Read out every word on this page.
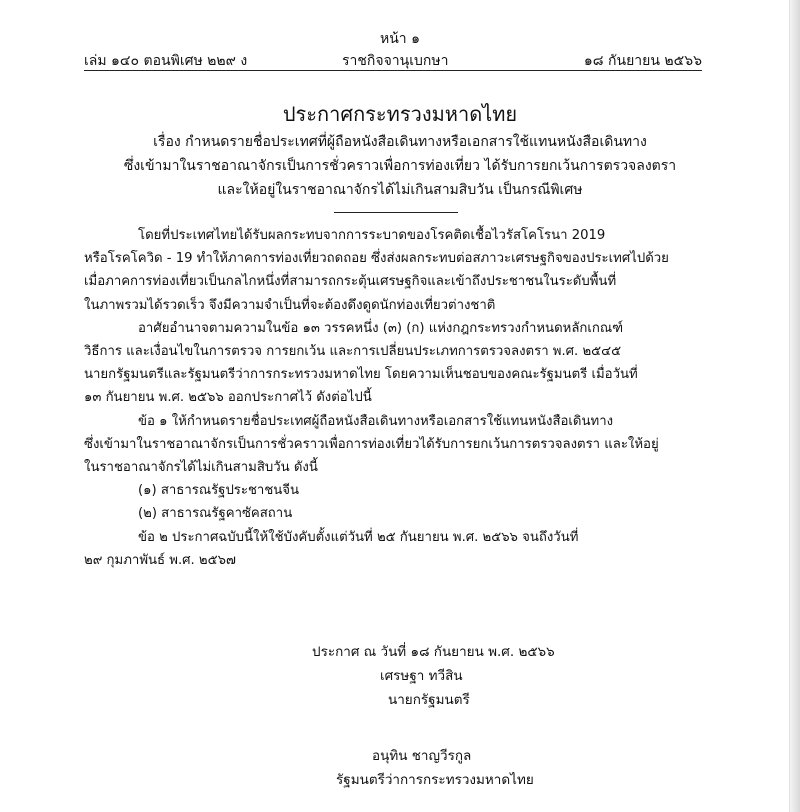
หน้า ๑
เล่ม ๑๔๐ ตอนพิเศษ ๒๒๙ ง	ราชกิจจานุเบกษา	๑๘ กันยายน ๒๕๖๖
ประกาศกระทรวงมหาดไทย
เรื่อง กำหนดรายชื่อประเทศที่ผู้ถือหนังสือเดินทางหรือเอกสารใช้แทนหนังสือเดินทาง
ซึ่งเข้ามาในราชอาณาจักรเป็นการชั่วคราวเพื่อการท่องเที่ยว ได้รับการยกเว้นการตรวจลงตรา
และให้อยู่ในราชอาณาจักรได้ไม่เกินสามสิบวัน เป็นกรณีพิเศษ
โดยที่ประเทศไทยได้รับผลกระทบจากการระบาดของโรคติดเชื้อไวรัสโคโรนา 2019
หรือโรคโควิด - 19 ทำให้ภาคการท่องเที่ยวถดถอย ซึ่งส่งผลกระทบต่อสภาวะเศรษฐกิจของประเทศไปด้วย
เมื่อภาคการท่องเที่ยวเป็นกลไกหนึ่งที่สามารถกระตุ้นเศรษฐกิจและเข้าถึงประชาชนในระดับพื้นที่
ในภาพรวมได้รวดเร็ว จึงมีความจำเป็นที่จะต้องดึงดูดนักท่องเที่ยวต่างชาติ
อาศัยอำนาจตามความในข้อ ๑๓ วรรคหนึ่ง (๓) (ก) แห่งกฎกระทรวงกำหนดหลักเกณฑ์
วิธีการ และเงื่อนไขในการตรวจ การยกเว้น และการเปลี่ยนประเภทการตรวจลงตรา พ.ศ. ๒๕๔๕
นายกรัฐมนตรีและรัฐมนตรีว่าการกระทรวงมหาดไทย โดยความเห็นชอบของคณะรัฐมนตรี เมื่อวันที่
๑๓ กันยายน พ.ศ. ๒๕๖๖ ออกประกาศไว้ ดังต่อไปนี้
ข้อ ๑ ให้กำหนดรายชื่อประเทศผู้ถือหนังสือเดินทางหรือเอกสารใช้แทนหนังสือเดินทาง
ซึ่งเข้ามาในราชอาณาจักรเป็นการชั่วคราวเพื่อการท่องเที่ยวได้รับการยกเว้นการตรวจลงตรา และให้อยู่
ในราชอาณาจักรได้ไม่เกินสามสิบวัน ดังนี้
(๑) สาธารณรัฐประชาชนจีน
(๒) สาธารณรัฐคาซัคสถาน
ข้อ ๒ ประกาศฉบับนี้ให้ใช้บังคับตั้งแต่วันที่ ๒๕ กันยายน พ.ศ. ๒๕๖๖ จนถึงวันที่
๒๙ กุมภาพันธ์ พ.ศ. ๒๕๖๗
ประกาศ ณ วันที่ ๑๘ กันยายน พ.ศ. ๒๕๖๖
เศรษฐา ทวีสิน
นายกรัฐมนตรี
อนุทิน ชาญวีรกูล
รัฐมนตรีว่าการกระทรวงมหาดไทย
